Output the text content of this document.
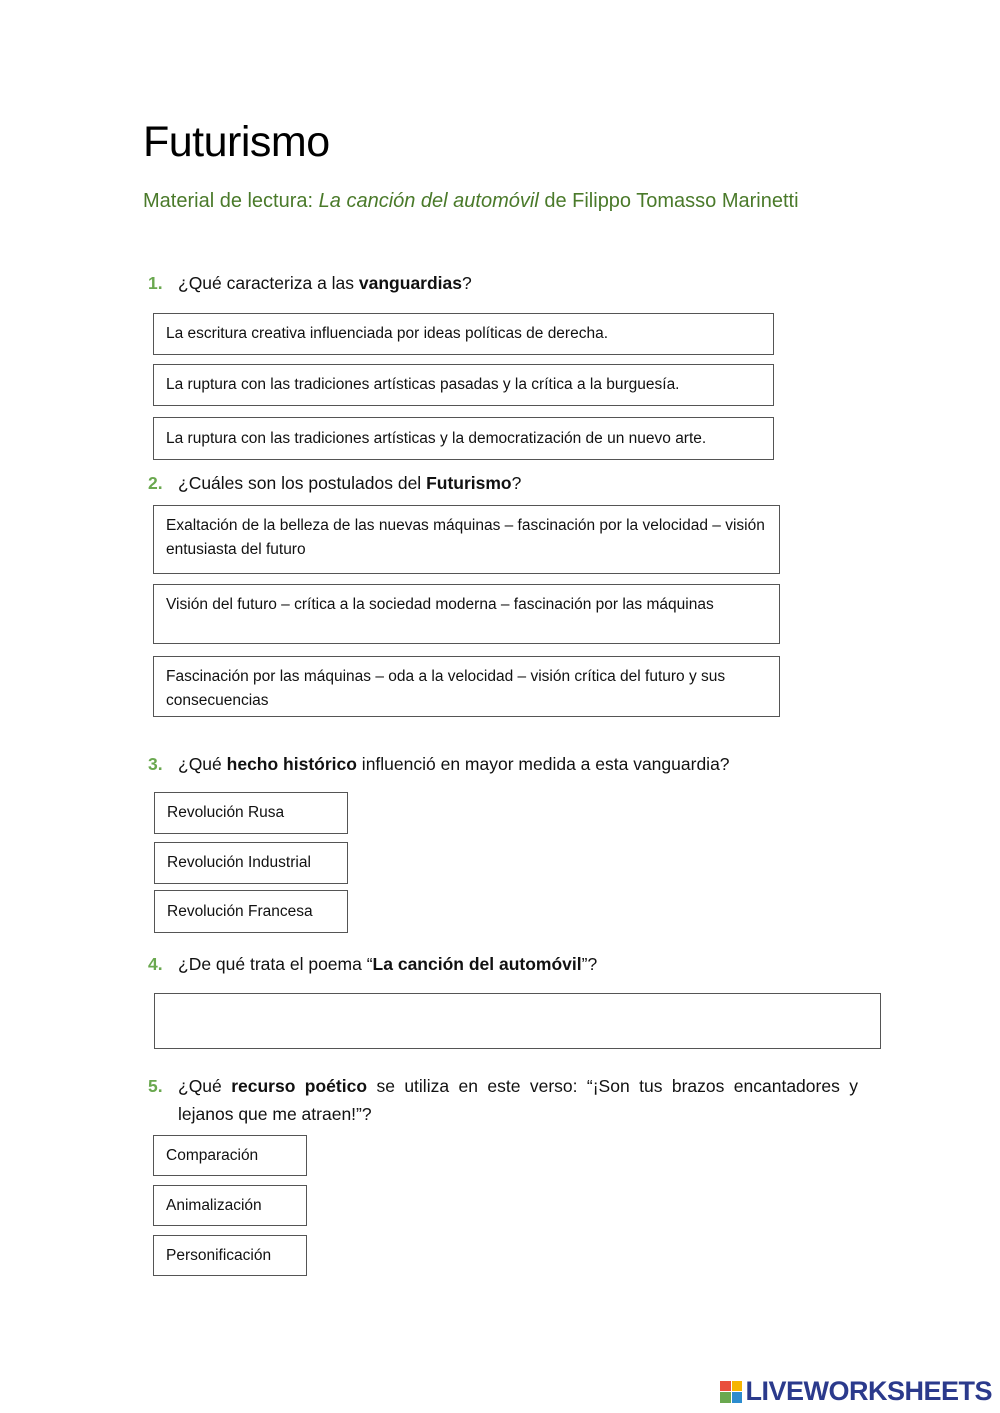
Futurismo

Material de lectura: La canción del automóvil de Filippo Tomasso Marinetti

1. ¿Qué caracteriza a las vanguardias?
La escritura creativa influenciada por ideas políticas de derecha.
La ruptura con las tradiciones artísticas pasadas y la crítica a la burguesía.
La ruptura con las tradiciones artísticas y la democratización de un nuevo arte.
2. ¿Cuáles son los postulados del Futurismo?
Exaltación de la belleza de las nuevas máquinas – fascinación por la velocidad – visión entusiasta del futuro
Visión del futuro – crítica a la sociedad moderna – fascinación por las máquinas
Fascinación por las máquinas – oda a la velocidad – visión crítica del futuro y sus consecuencias
3. ¿Qué hecho histórico influenció en mayor medida a esta vanguardia?
Revolución Rusa
Revolución Industrial
Revolución Francesa
4. ¿De qué trata el poema “La canción del automóvil”?
5. ¿Qué recurso poético se utiliza en este verso: “¡Son tus brazos encantadores y lejanos que me atraen!”?
Comparación
Animalización
Personificación
LIVEWORKSHEETS
